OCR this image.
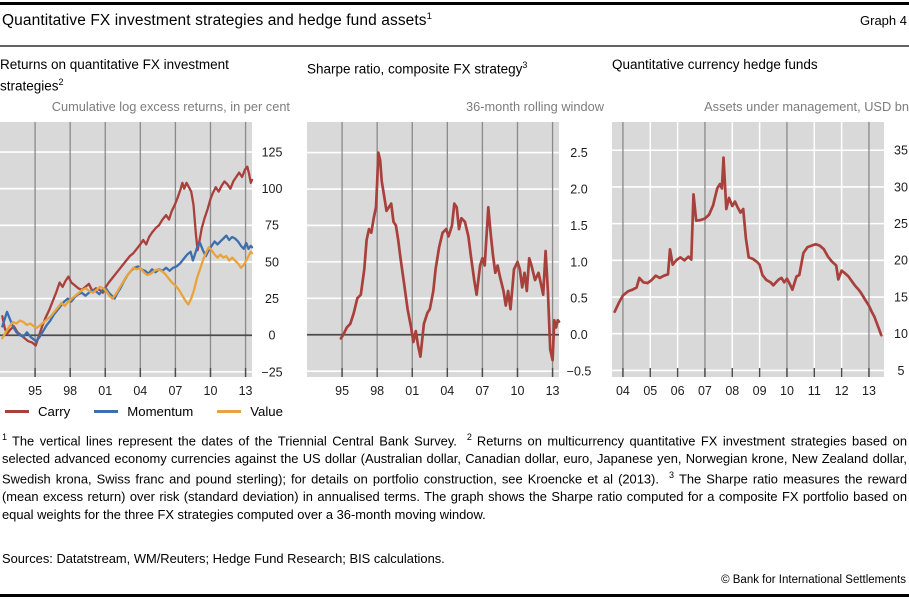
Quantitative FX investment strategies and hedge fund assets$^1$	Graph 4
Returns on quantitative FX investment strategies$^2$
Cumulative log excess returns, in per cent
95 98 01 04 07 10 13
−25
0
25
50
75
100
125
Carry	Momentum	Value
Sharpe ratio, composite FX strategy$^3$
36-month rolling window
95 98 01 04 07 10 13
−0.5
0.0
0.5
1.0
1.5
2.0
2.5
Quantitative currency hedge funds
Assets under management, USD bn
04 05 06 07 08 09 10 11 12 13
5
10
15
20
25
30
35

$^1$ The vertical lines represent the dates of the Triennial Central Bank Survey. $^2$ Returns on multicurrency quantitative FX investment strategies based on selected advanced economy currencies against the US dollar (Australian dollar, Canadian dollar, euro, Japanese yen, Norwegian krone, New Zealand dollar, Swedish krona, Swiss franc and pound sterling); for details on portfolio construction, see Kroencke et al (2013). $^3$ The Sharpe ratio measures the reward (mean excess return) over risk (standard deviation) in annualised terms. The graph shows the Sharpe ratio computed for a composite FX portfolio based on equal weights for the three FX strategies computed over a 36-month moving window.

Sources: Datatstream, WM/Reuters; Hedge Fund Research; BIS calculations.

© Bank for International Settlements
